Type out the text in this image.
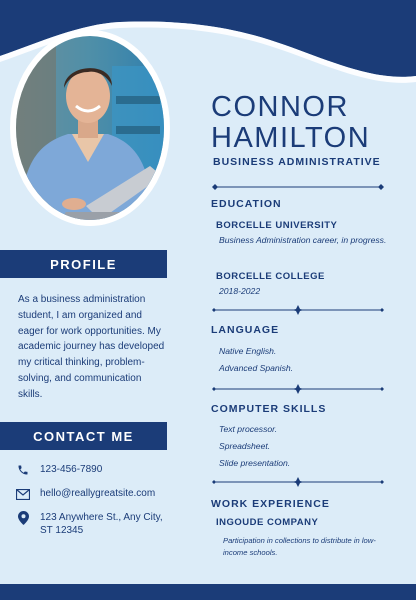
CONNOR
HAMILTON
BUSINESS ADMINISTRATIVE
EDUCATION
BORCELLE UNIVERSITY
Business Administration career, in progress.
BORCELLE COLLEGE
2018-2022
LANGUAGE
Native English.
Advanced Spanish.
COMPUTER SKILLS
Text processor.
Spreadsheet.
Slide presentation.
WORK EXPERIENCE
INGOUDE COMPANY
Participation in collections to distribute in low-income schools.
PROFILE
As a business administration student, I am organized and eager for work opportunities. My academic journey has developed my critical thinking, problem-solving, and communication skills.
CONTACT ME
123-456-7890
hello@reallygreatsite.com
123 Anywhere St., Any City, ST 12345
